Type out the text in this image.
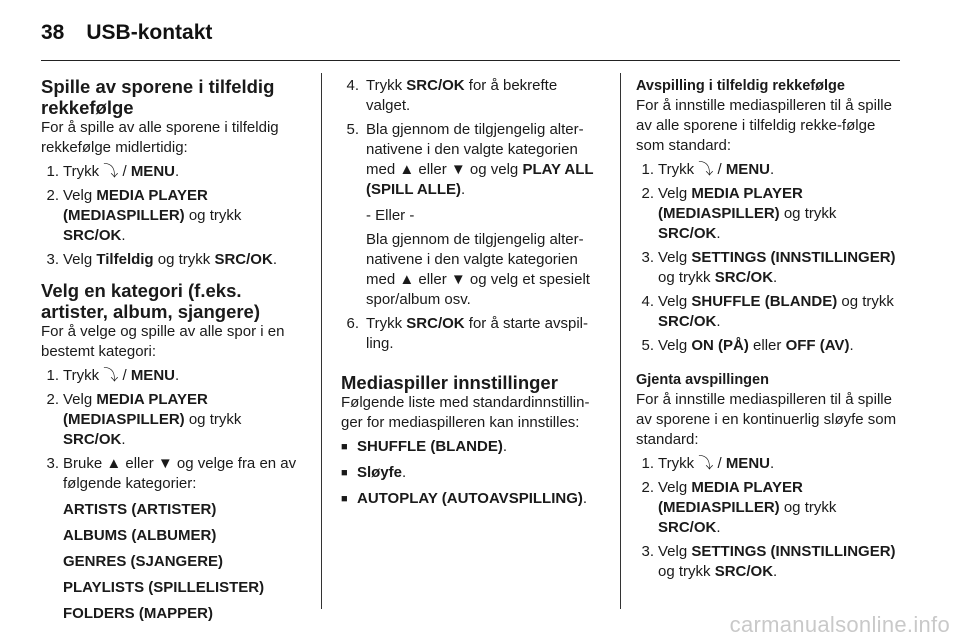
38 USB-kontakt
Spille av sporene i tilfeldig rekkefølge

For å spille av alle sporene i tilfeldig rekkefølge midlertidig:

1. Trykk ⤵ / MENU.
2. Velg MEDIA PLAYER (MEDIASPILLER) og trykk SRC/OK.
3. Velg Tilfeldig og trykk SRC/OK.
Velg en kategori (f.eks. artister, album, sjangere)

For å velge og spille av alle spor i en bestemt kategori:

1. Trykk ⤵ / MENU.
2. Velg MEDIA PLAYER (MEDIASPILLER) og trykk SRC/OK.
3. Bruke ▲ eller ▼ og velge fra en av følgende kategorier:
ARTISTS (ARTISTER)
ALBUMS (ALBUMER)
GENRES (SJANGERE)
PLAYLISTS (SPILLELISTER)
FOLDERS (MAPPER)
4. Trykk SRC/OK for å bekrefte valget.
5. Bla gjennom de tilgjengelig alter-nativene i den valgte kategorien med ▲ eller ▼ og velg PLAY ALL (SPILL ALLE).
- Eller -
Bla gjennom de tilgjengelig alter-nativene i den valgte kategorien med ▲ eller ▼ og velg et spesielt spor/album osv.
6. Trykk SRC/OK for å starte avspil-ling.
Mediaspiller innstillinger

Følgende liste med standardinnstillin-ger for mediaspilleren kan innstilles:

■ SHUFFLE (BLANDE).
■ Sløyfe.
■ AUTOPLAY (AUTOAVSPILLING).
Avspilling i tilfeldig rekkefølge

For å innstille mediaspilleren til å spille av alle sporene i tilfeldig rekke-følge som standard:

1. Trykk ⤵ / MENU.
2. Velg MEDIA PLAYER (MEDIASPILLER) og trykk SRC/OK.
3. Velg SETTINGS (INNSTILLINGER) og trykk SRC/OK.
4. Velg SHUFFLE (BLANDE) og trykk SRC/OK.
5. Velg ON (PÅ) eller OFF (AV).
Gjenta avspillingen

For å innstille mediaspilleren til å spille av sporene i en kontinuerlig sløyfe som standard:

1. Trykk ⤵ / MENU.
2. Velg MEDIA PLAYER (MEDIASPILLER) og trykk SRC/OK.
3. Velg SETTINGS (INNSTILLINGER) og trykk SRC/OK.
carmanualsonline.info
